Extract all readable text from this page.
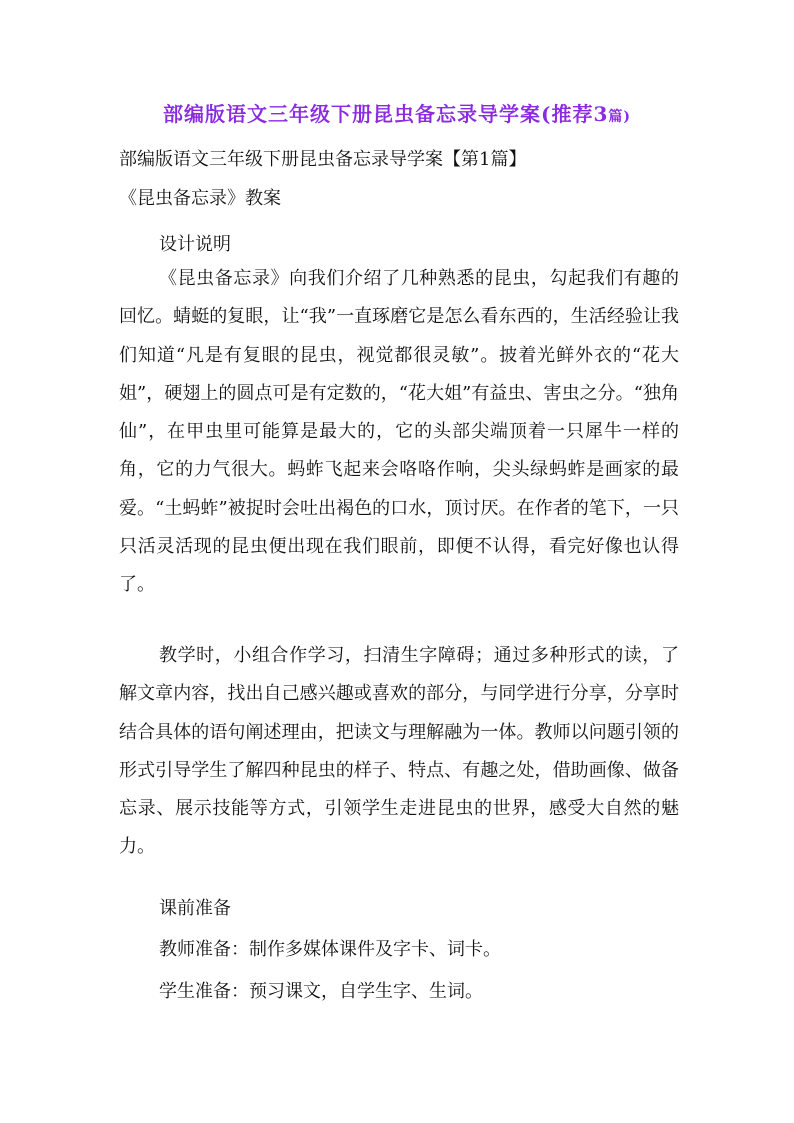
部编版语文三年级下册昆虫备忘录导学案(推荐3篇)
部编版语文三年级下册昆虫备忘录导学案【第1篇】
《昆虫备忘录》教案
设计说明

《昆虫备忘录》向我们介绍了几种熟悉的昆虫，勾起我们有趣的回忆。蜻蜓的复眼，让“我”一直琢磨它是怎么看东西的，生活经验让我们知道“凡是有复眼的昆虫，视觉都很灵敏”。披着光鲜外衣的“花大姐”，硬翅上的圆点可是有定数的，“花大姐”有益虫、害虫之分。“独角仙”，在甲虫里可能算是最大的，它的头部尖端顶着一只犀牛一样的角，它的力气很大。蚂蚱飞起来会咯咯作响，尖头绿蚂蚱是画家的最爱。“土蚂蚱”被捉时会吐出褐色的口水，顶讨厌。在作者的笔下，一只只活灵活现的昆虫便出现在我们眼前，即便不认得，看完好像也认得了。

教学时，小组合作学习，扫清生字障碍；通过多种形式的读，了解文章内容，找出自己感兴趣或喜欢的部分，与同学进行分享，分享时结合具体的语句阐述理由，把读文与理解融为一体。教师以问题引领的形式引导学生了解四种昆虫的样子、特点、有趣之处，借助画像、做备忘录、展示技能等方式，引领学生走进昆虫的世界，感受大自然的魅力。

课前准备
教师准备：制作多媒体课件及字卡、词卡。
学生准备：预习课文，自学生字、生词。
